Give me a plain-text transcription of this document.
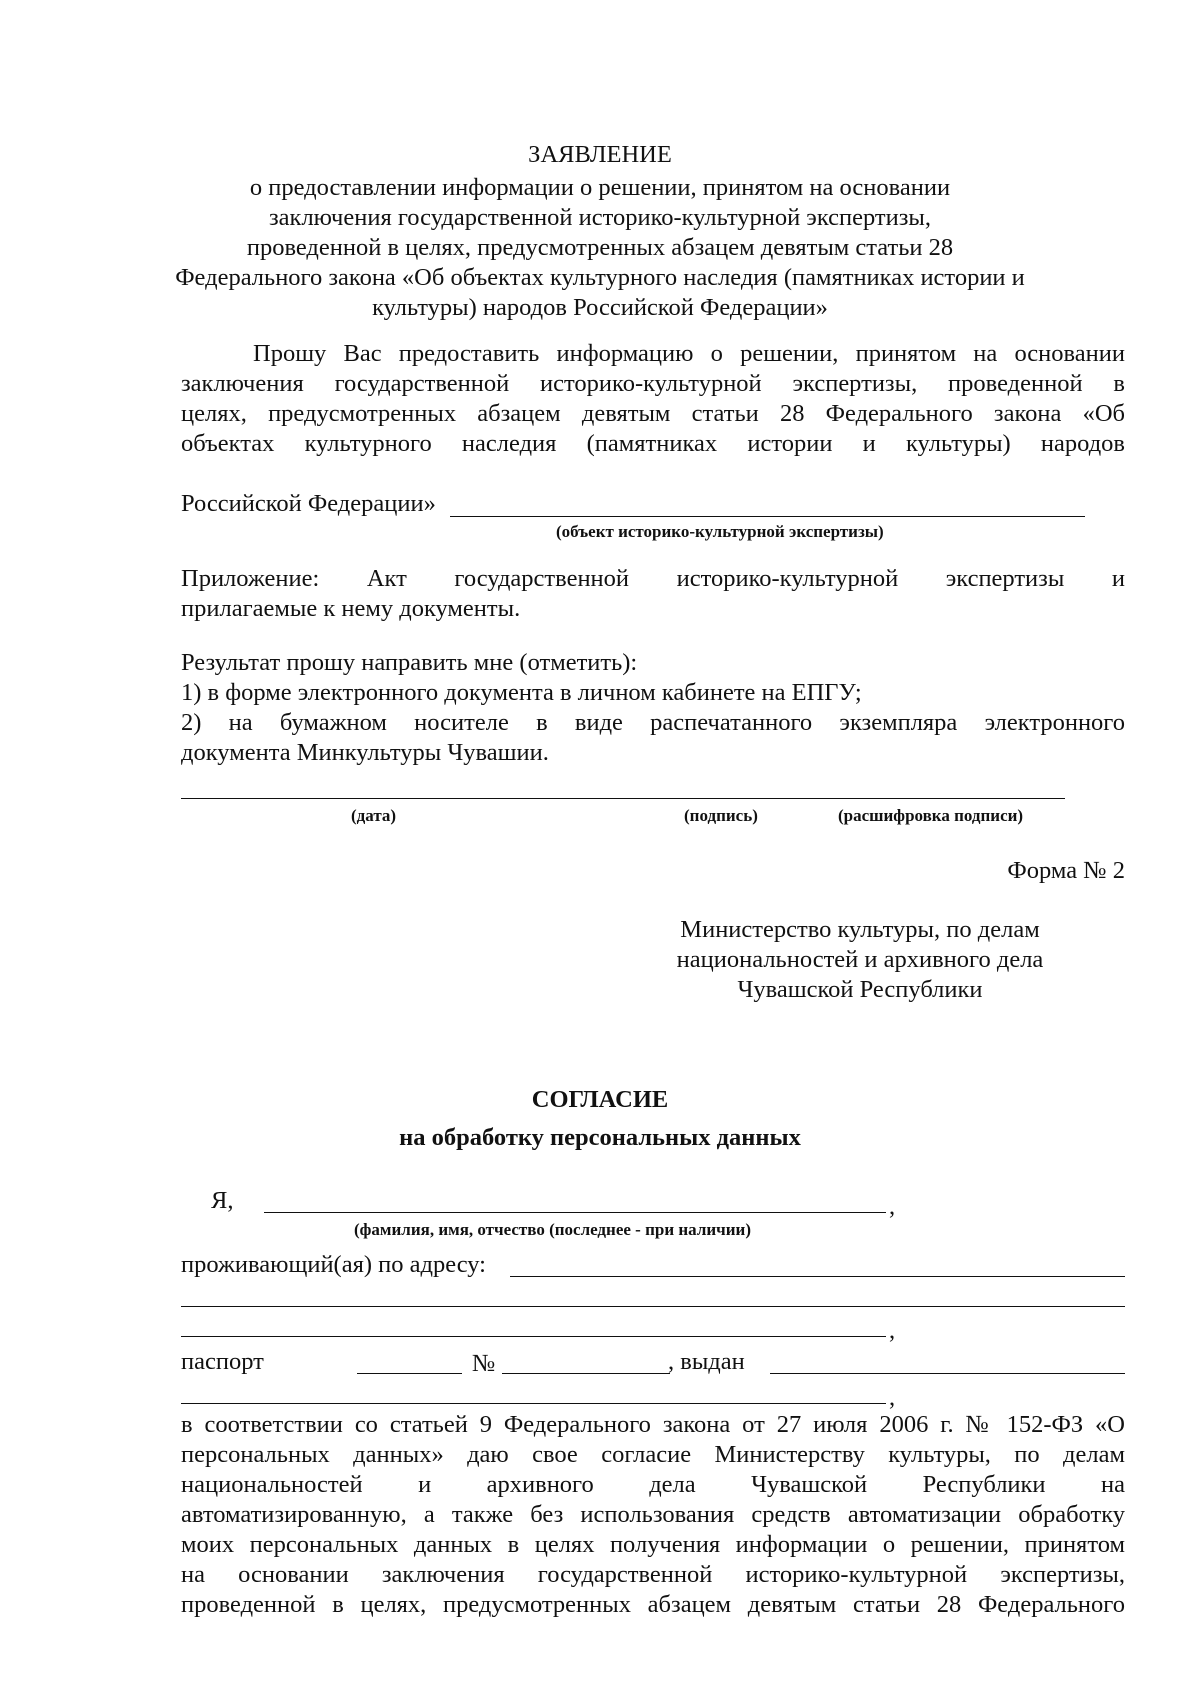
ЗАЯВЛЕНИЕ
о предоставлении информации о решении, принятом на основании
заключения государственной историко-культурной экспертизы,
проведенной в целях, предусмотренных абзацем девятым статьи 28
Федерального закона «Об объектах культурного наследия (памятниках истории и
культуры) народов Российской Федерации»
Прошу Вас предоставить информацию о решении, принятом на основании
заключения государственной историко-культурной экспертизы, проведенной в
целях, предусмотренных абзацем девятым статьи 28 Федерального закона «Об
объектах культурного наследия (памятниках истории и культуры) народов
Российской Федерации»
(объект историко-культурной экспертизы)
Приложение: Акт государственной историко-культурной экспертизы и
прилагаемые к нему документы.
Результат прошу направить мне (отметить):
1) в форме электронного документа в личном кабинете на ЕПГУ;
2) на бумажном носителе в виде распечатанного экземпляра электронного
документа Минкультуры Чувашии.
(дата)	(подпись)	(расшифровка подписи)
Форма № 2
Министерство культуры, по делам
национальностей и архивного дела
Чувашской Республики
СОГЛАСИЕ
на обработку персональных данных
Я,	,
(фамилия, имя, отчество (последнее - при наличии)
проживающий(ая) по адресу:
,
паспорт	№	, выдан
,
в соответствии со статьей 9 Федерального закона от 27 июля 2006 г. № 152-ФЗ «О
персональных данных» даю свое согласие Министерству культуры, по делам
национальностей и архивного дела Чувашской Республики на
автоматизированную, а также без использования средств автоматизации обработку
моих персональных данных в целях получения информации о решении, принятом
на основании заключения государственной историко-культурной экспертизы,
проведенной в целях, предусмотренных абзацем девятым статьи 28 Федерального
